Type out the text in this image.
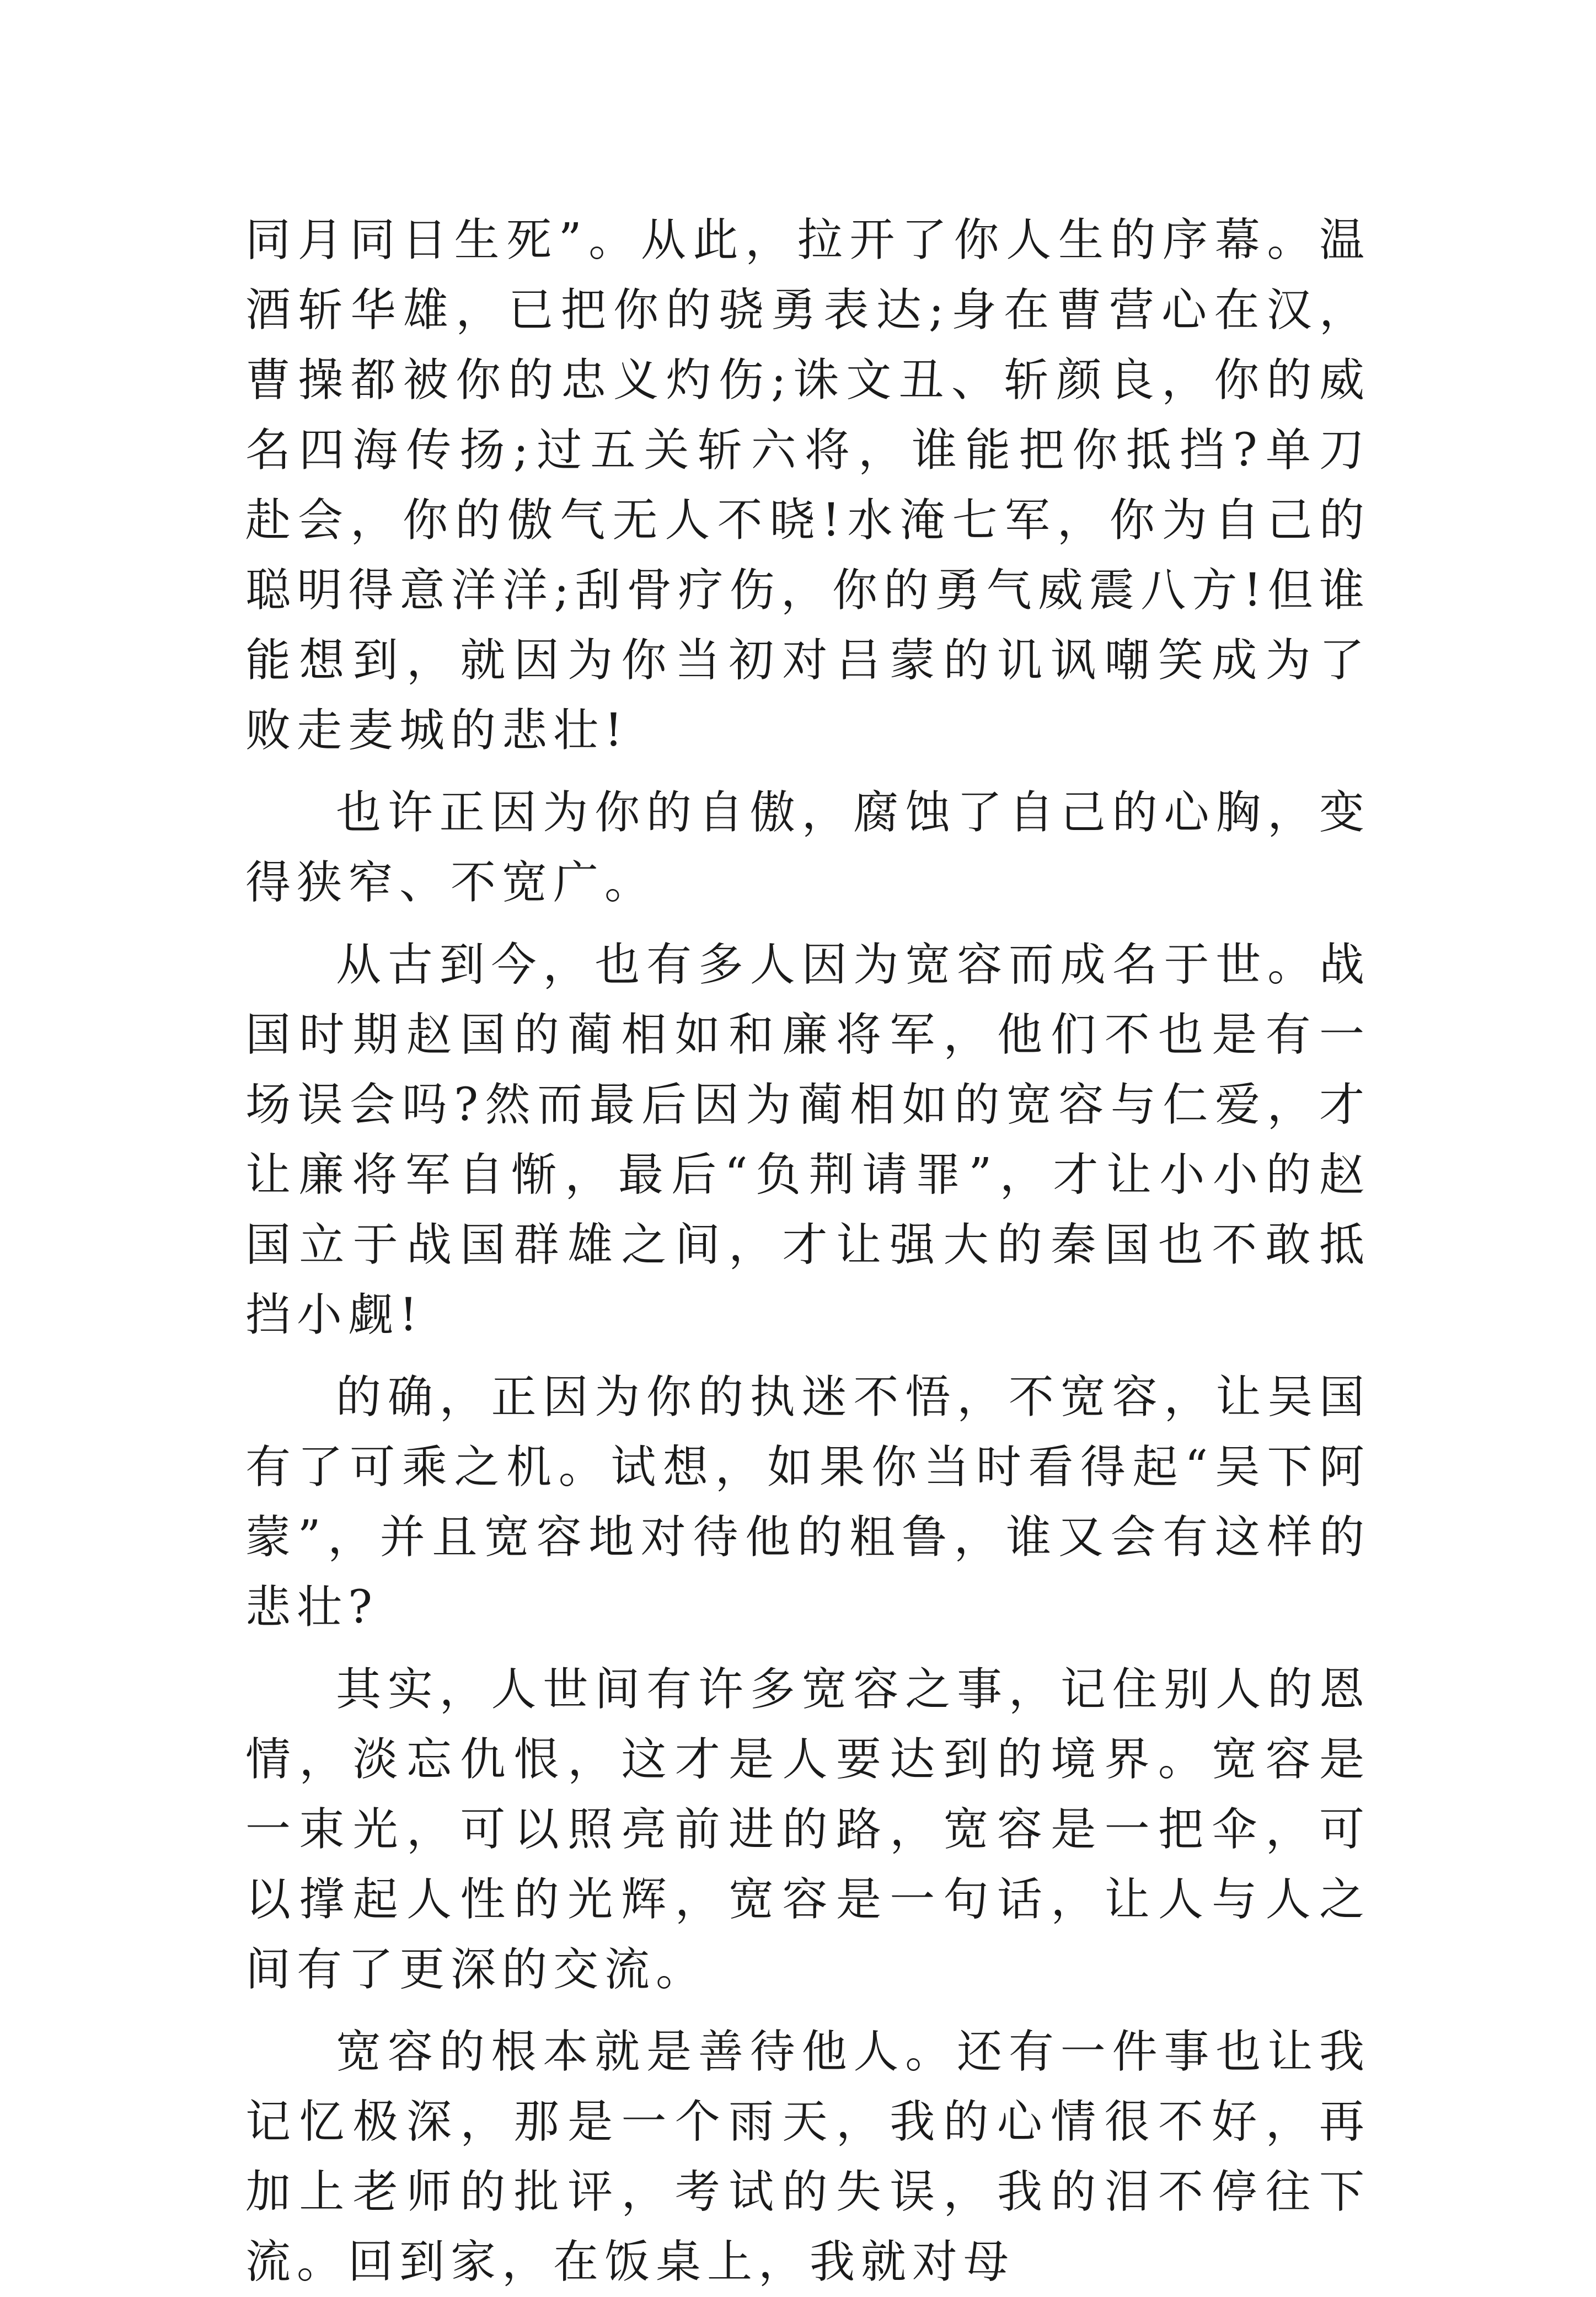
同月同日生死”。从此，拉开了你人生的序幕。温酒斩华雄，已把你的骁勇表达;身在曹营心在汉，曹操都被你的忠义灼伤;诛文丑、斩颜良，你的威名四海传扬;过五关斩六将，谁能把你抵挡?单刀赴会，你的傲气无人不晓!水淹七军，你为自己的聪明得意洋洋;刮骨疗伤，你的勇气威震八方!但谁能想到，就因为你当初对吕蒙的讥讽嘲笑成为了败走麦城的悲壮!

也许正因为你的自傲，腐蚀了自己的心胸，变得狭窄、不宽广。

从古到今，也有多人因为宽容而成名于世。战国时期赵国的蔺相如和廉将军，他们不也是有一场误会吗?然而最后因为蔺相如的宽容与仁爱，才让廉将军自惭，最后“负荆请罪”，才让小小的赵国立于战国群雄之间，才让强大的秦国也不敢抵挡小觑!

的确，正因为你的执迷不悟，不宽容，让吴国有了可乘之机。试想，如果你当时看得起“吴下阿蒙”，并且宽容地对待他的粗鲁，谁又会有这样的悲壮?

其实，人世间有许多宽容之事，记住别人的恩情，淡忘仇恨，这才是人要达到的境界。宽容是一束光，可以照亮前进的路，宽容是一把伞，可以撑起人性的光辉，宽容是一句话，让人与人之间有了更深的交流。

宽容的根本就是善待他人。还有一件事也让我记忆极深，那是一个雨天，我的心情很不好，再加上老师的批评，考试的失误，我的泪不停往下流。回到家，在饭桌上，我就对母
